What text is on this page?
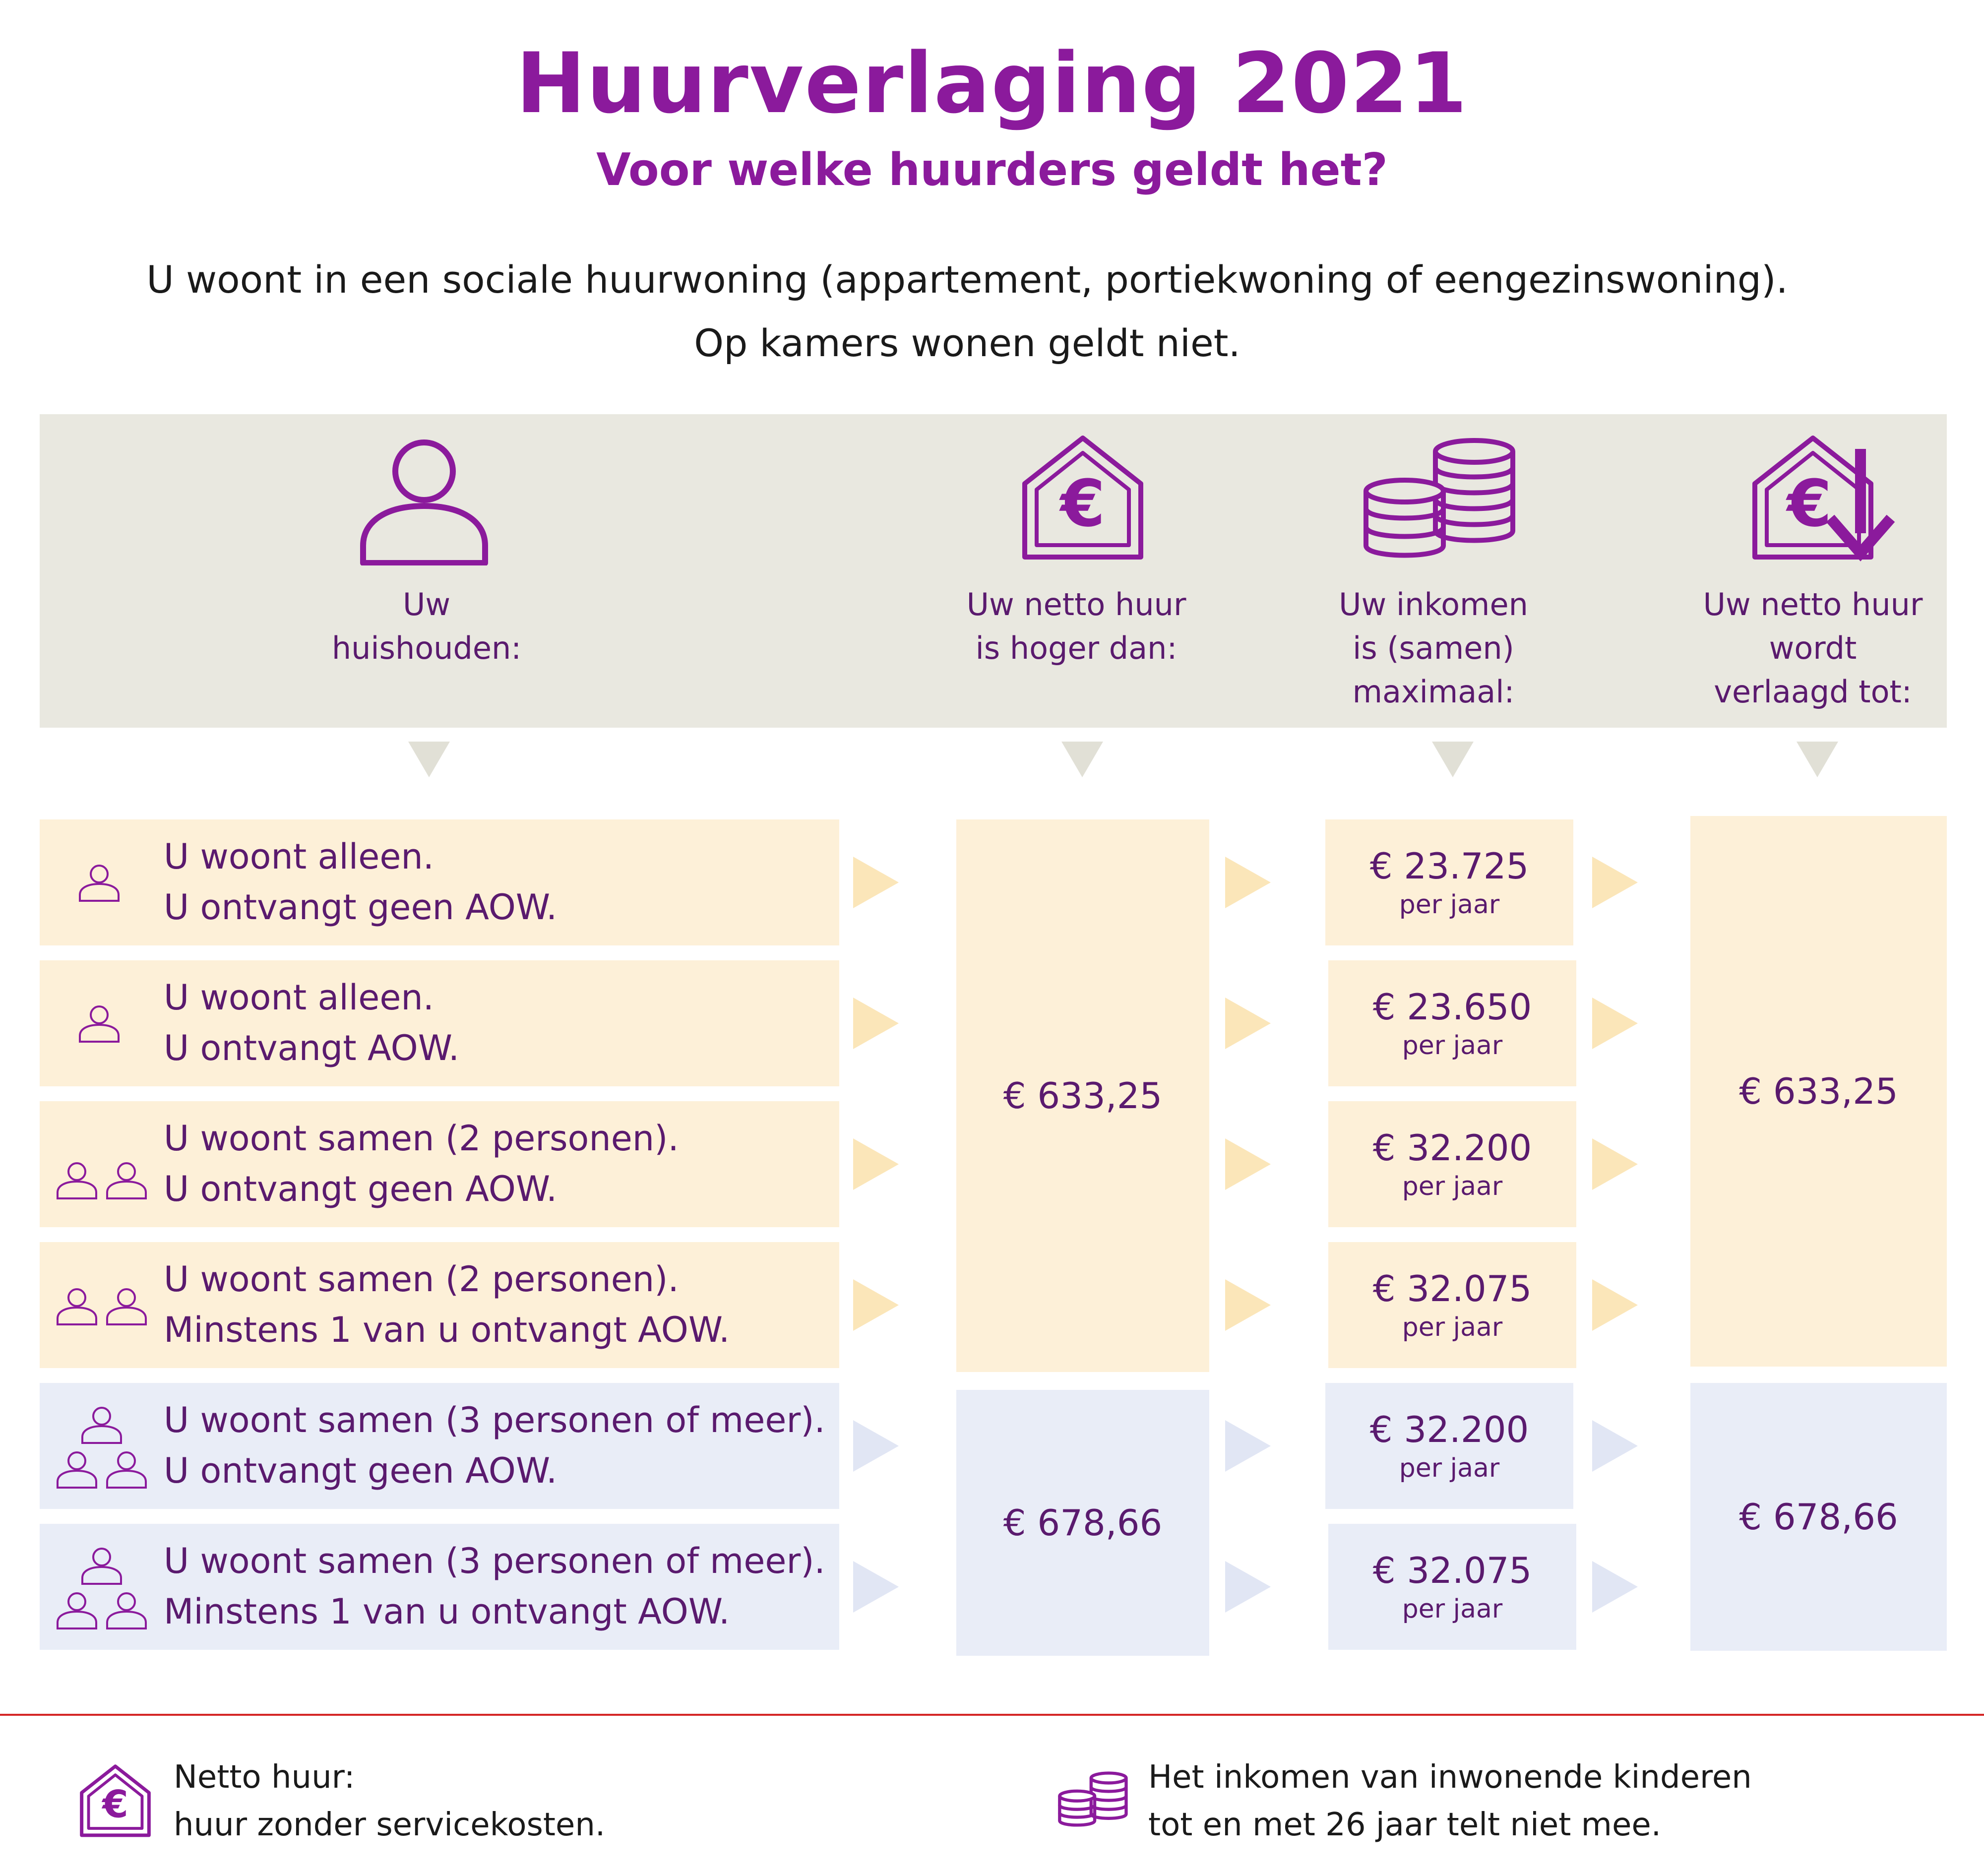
Huurverlaging 2021
Voor welke huurders geldt het?
U woont in een sociale huurwoning (appartement, portiekwoning of eengezinswoning).
Op kamers wonen geldt niet.
Uw
huishouden:
€
Uw netto huur
is hoger dan:
Uw inkomen
is (samen)
maximaal:
€
Uw netto huur
wordt
verlaagd tot:
U woont alleen.
U ontvangt geen AOW.
U woont alleen.
U ontvangt AOW.
U woont samen (2 personen).
U ontvangt geen AOW.
U woont samen (2 personen).
Minstens 1 van u ontvangt AOW.
U woont samen (3 personen of meer).
U ontvangt geen AOW.
U woont samen (3 personen of meer).
Minstens 1 van u ontvangt AOW.
€ 633,25
€ 678,66
€ 23.725
per jaar
€ 23.650
per jaar
€ 32.200
per jaar
€ 32.075
per jaar
€ 32.200
per jaar
€ 32.075
per jaar
€ 633,25
€ 678,66
€
Netto huur:
huur zonder servicekosten.
Het inkomen van inwonende kinderen
tot en met 26 jaar telt niet mee.
